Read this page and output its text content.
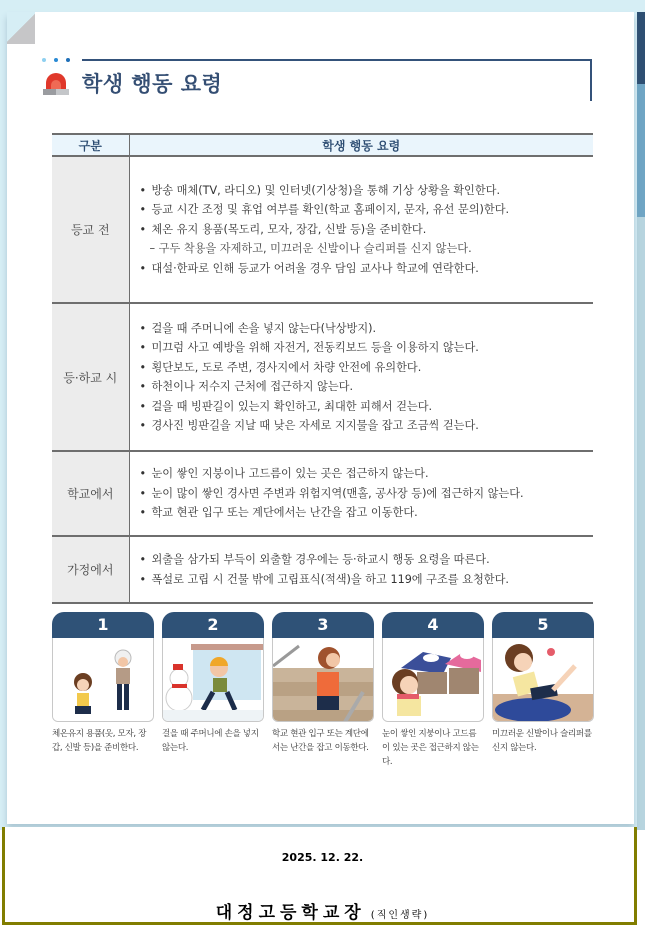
학생 행동 요령
구분	학생 행동 요령
등교 전	• 방송 매체(TV, 라디오) 및 인터넷(기상청)을 통해 기상 상황을 확인한다.
• 등교 시간 조정 및 휴업 여부를 확인(학교 홈페이지, 문자, 유선 문의)한다.
• 체온 유지 용품(목도리, 모자, 장갑, 신발 등)을 준비한다.
– 구두 착용을 자제하고, 미끄러운 신발이나 슬리퍼를 신지 않는다.
• 대설·한파로 인해 등교가 어려울 경우 담임 교사나 학교에 연락한다.

등·하교 시	
• 걸을 때 주머니에 손을 넣지 않는다(낙상방지).
• 미끄럼 사고 예방을 위해 자전거, 전동킥보드 등을 이용하지 않는다.
• 횡단보도, 도로 주변, 경사지에서 차량 안전에 유의한다.
• 하천이나 저수지 근처에 접근하지 않는다.
• 걸을 때 빙판길이 있는지 확인하고, 최대한 피해서 걷는다.
• 경사진 빙판길을 지날 때 낮은 자세로 지지물을 잡고 조금씩 걷는다.

학교에서	• 눈이 쌓인 지붕이나 고드름이 있는 곳은 접근하지 않는다.
• 눈이 많이 쌓인 경사면 주변과 위험지역(맨홀, 공사장 등)에 접근하지 않는다.
• 학교 현관 입구 또는 계단에서는 난간을 잡고 이동한다.

가정에서	• 외출을 삼가되 부득이 외출할 경우에는 등·하교시 행동 요령을 따른다.
• 폭설로 고립 시 건물 밖에 고립표식(적색)을 하고 119에 구조를 요청한다.
1
체온유지 용품(옷, 모자, 장갑, 신발 등)을 준비한다.
2
걸을 때 주머니에 손을 넣지 않는다.
3
학교 현관 입구 또는 계단에서는 난간을 잡고 이동한다.
4
눈이 쌓인 지붕이나 고드름이 있는 곳은 접근하지 않는다.
5
미끄러운 신발이나 슬리퍼를 신지 않는다.
2025. 12. 22.
대정고등학교장 (직인생략)
